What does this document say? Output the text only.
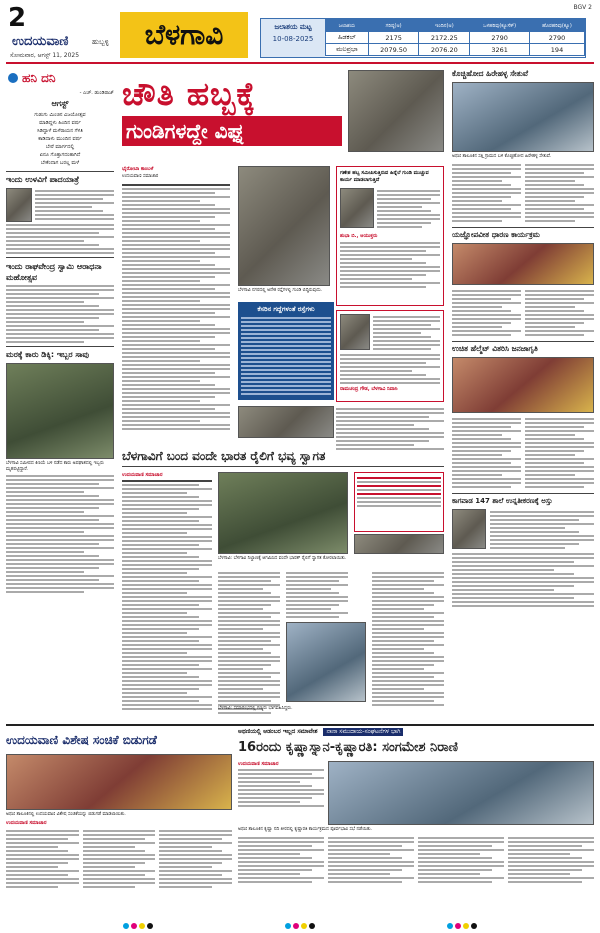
2
ಉದಯವಾಣಿ	ಹುಬ್ಬಳ್ಳಿ
ಸೋಮವಾರ, ಆಗಸ್ಟ್ 11, 2025
ಬೆಳಗಾವಿ
BGV 2
ಜಲಾಶಯ ಮಟ್ಟ
10-08-2025
ಜಲಾಶಯ	ಗರಿಷ್ಠ(ಅ)	ಇಂದಿನ(ಅ)	ಒಳಹರಿವು(ಕ್ಯೂಸೆಕ್)	ಹೊರಹರಿವು(ಕ್ಯೂ)
ಹಿಡಕಲ್	2175	2172.25	2790	2790
ಮಲಪ್ರಭಾ	2079.50	2076.20	3261	194
ಹನಿ ದನಿ
- ಎಚ್. ಡುಂಡಿರಾಜ್
ಆಗಸ್ಟ್
ಗುಡುಗು ಮಿಂಚಿನ ವಿಜಯೋತ್ಸವ
ಮಾಡಿದ್ದಳು ಹಿಂದಿನ ವರ್ಷ
ಸಿಡಿದ್ದಾಳೆ ಮಳೆರಾಯನ ಗೆಳತಿ
ಕಾಡಿದಾಳು ಮುಂದಿನ ವರ್ಷ
ಬೇರೆ ಮಾರ್ಗದಲ್ಲಿ
ಏನೂ ಗೊತ್ತಾಗದಂತಾಗಿದೆ
ಬೇಕೆಂದಾಗ ಬರಲ್ಲ ಮಳೆ
ಇಂದು ಉಳವಿಗೆ ಪಾದಯಾತ್ರೆ
ಇಂದು ರಾಘವೇಂದ್ರ ಸ್ವಾಮಿ ಆರಾಧನಾ ಮಹೋತ್ಸವ
ಮರಕ್ಕೆ ಕಾರು ಡಿಕ್ಕಿ: ಇಬ್ಬರ ಸಾವು
ಬೆಳಗಾವಿ ಸಮೀಪದ ಕಿಣಯೆ ಬಳಿ ನಡೆದ ಕಾರು ಅಪಘಾತದಲ್ಲಿ ಇಬ್ಬರು ಮೃತಪಟ್ಟಿದ್ದಾರೆ.
ಚೌತಿ ಹಬ್ಬಕ್ಕೆ
ಗುಂಡಿಗಳದ್ದೇ ವಿಘ್ನ
ಭೈರೋಬಾ ಕಾಂಬಳೆ
ಉದಯವಾಣಿ ಸಮಾಚಾರ
ಬೆಳಗಾವಿ ನಗರದಲ್ಲಿ ಅನೇಕ ರಸ್ತೆಗಳಲ್ಲಿ ಗುಂಡಿ ಬಿದ್ದಿರುವುದು.
ಗಣೇಶ ಹಬ್ಬ ಸಮೀಪಿಸುತ್ತಿರುವ ಹಿನ್ನೆಲೆ ಗುಂಡಿ ಮುಚ್ಚುವ ಕಾರ್ಯ ಮಾಡಲಾಗುತ್ತಿದೆ
ಶುಭಾ ಬಿ., ಆಯುಕ್ತರು
ಕೆಸರಿನ ಗದ್ದೆಗಳಂತೆ ರಸ್ತೆಗಳು
ರಾಮಚಂದ್ರ ಗೌಡ, ಬೆಳಗಾವಿ ನಿವಾಸಿ
ಕೊಚ್ಚಿಹೋದ ಹಿರೇಹಳ್ಳ ಸೇತುವೆ
ಅಥಣಿ ತಾಲೂಕಿನ ಸತ್ತಿ ಗ್ರಾಮದ ಬಳಿ ಕೊಚ್ಚಿಹೋದ ಹಿರೇಹಳ್ಳ ಸೇತುವೆ.
ಯಜ್ಞೋಪವೀತ ಧಾರಣ ಕಾರ್ಯಕ್ರಮ
ಉಚಿತ ಹೆಲ್ಮೆಟ್ ವಿತರಿಸಿ ಜನಜಾಗೃತಿ
ಕಾಗವಾಡ 147 ಶಾಲೆ ಉನ್ನತೀಕರಣಕ್ಕೆ ಅಸ್ತು
ಬೆಳಗಾವಿಗೆ ಬಂದ ವಂದೇ ಭಾರತ ರೈಲಿಗೆ ಭವ್ಯ ಸ್ವಾಗತ
ಉದಯವಾಣಿ ಸಮಾಚಾರ
ಬೆಳಗಾವಿ: ಬೆಳಗಾವಿ ನಿಲ್ದಾಣಕ್ಕೆ ಆಗಮಿಸಿದ ವಂದೇ ಭಾರತ್ ರೈಲಿಗೆ ಸ್ವಾಗತ ಕೋರಲಾಯಿತು.
ಬೆಳಗಾವಿ: ಸಮಾರಂಭದಲ್ಲಿ ಗಣ್ಯರು ಭಾಗವಹಿಸಿದ್ದರು.
ಉದಯವಾಣಿ ವಿಶೇಷ ಸಂಚಿಕೆ ಬಿಡುಗಡೆ
ಅಥಣಿ ತಾಲೂಕಿನಲ್ಲಿ ಉದಯವಾಣಿ ವಿಶೇಷ ಸಂಚಿಕೆಯನ್ನು ಬಿಡುಗಡೆ ಮಾಡಲಾಯಿತು.
ಉದಯವಾಣಿ ಸಮಾಚಾರ
ಅಥಣಿಯಲ್ಲಿ ಆಡಂಬರ ಇಲ್ಲದ ಸಮಾವೇಶ	ನಾನಾ ಸಮುದಾಯ-ಸಂಘಟನೆಗಳ ಭಾಗಿ
16ರಂದು ಕೃಷ್ಣಾಸ್ನಾನ-ಕೃಷ್ಣಾರತಿ: ಸಂಗಮೇಶ ನಿರಾಣಿ
ಉದಯವಾಣಿ ಸಮಾಚಾರ
ಅಥಣಿ ತಾಲೂಕಿನ ಕೃಷ್ಣಾ ನದಿ ತೀರದಲ್ಲಿ ಕೃಷ್ಣಾರತಿ ಕಾರ್ಯಕ್ರಮದ ಪೂರ್ವಭಾವಿ ಸಭೆ ನಡೆಯಿತು.
